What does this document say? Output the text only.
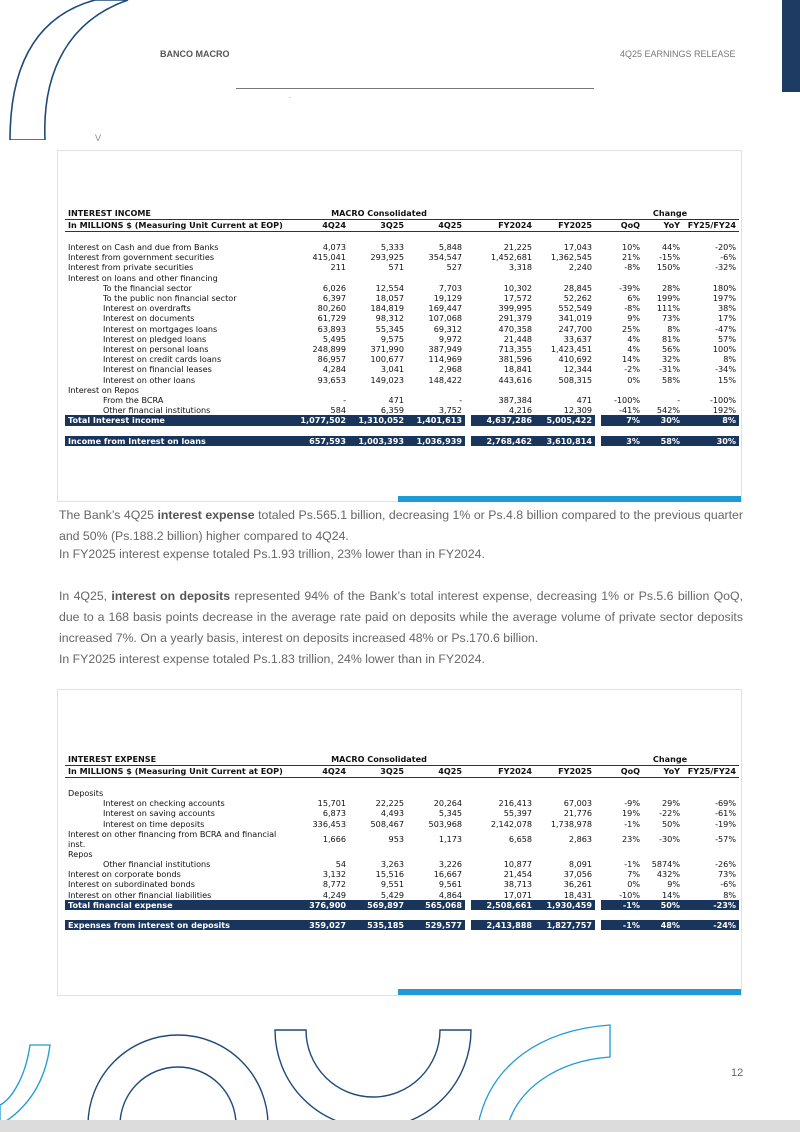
BANCO MACRO	4Q25 EARNINGS RELEASE
.
V
INTEREST INCOME	MACRO Consolidated							Change		
In MILLIONS $ (Measuring Unit Current at EOP)	4Q24	3Q25	4Q25		FY2024	FY2025		QoQ	YoY	FY25/FY24

Interest on Cash and due from Banks	4,073	5,333	5,848		21,225	17,043		10%	44%	-20%
Interest from government securities	415,041	293,925	354,547		1,452,681	1,362,545		21%	-15%	-6%
Interest from private securities	211	571	527		3,318	2,240		-8%	150%	-32%
Interest on loans and other financing										
To the financial sector	6,026	12,554	7,703		10,302	28,845		-39%	28%	180%
To the public non financial sector	6,397	18,057	19,129		17,572	52,262		6%	199%	197%
Interest on overdrafts	80,260	184,819	169,447		399,995	552,549		-8%	111%	38%
Interest on documents	61,729	98,312	107,068		291,379	341,019		9%	73%	17%
Interest on mortgages loans	63,893	55,345	69,312		470,358	247,700		25%	8%	-47%
Interest on pledged loans	5,495	9,575	9,972		21,448	33,637		4%	81%	57%
Interest on personal loans	248,899	371,990	387,949		713,355	1,423,451		4%	56%	100%
Interest on credit cards loans	86,957	100,677	114,969		381,596	410,692		14%	32%	8%
Interest on financial leases	4,284	3,041	2,968		18,841	12,344		-2%	-31%	-34%
Interest on other loans	93,653	149,023	148,422		443,616	508,315		0%	58%	15%
Interest on Repos										
From the BCRA	-	471	-		387,384	471		-100%	-	-100%
Other financial institutions	584	6,359	3,752		4,216	12,309		-41%	542%	192%
Total Interest income	1,077,502	1,310,052	1,401,613		4,637,286	5,005,422		7%	30%	8%

Income from Interest on loans	657,593	1,003,393	1,036,939		2,768,462	3,610,814		3%	58%	30%
The Bank’s 4Q25 interest expense totaled Ps.565.1 billion, decreasing 1% or Ps.4.8 billion compared to the previous quarter and 50% (Ps.188.2 billion) higher compared to 4Q24.
In FY2025 interest expense totaled Ps.1.93 trillion, 23% lower than in FY2024.
In 4Q25, interest on deposits represented 94% of the Bank’s total interest expense, decreasing 1% or Ps.5.6 billion QoQ, due to a 168 basis points decrease in the average rate paid on deposits while the average volume of private sector deposits increased 7%. On a yearly basis, interest on deposits increased 48% or Ps.170.6 billion.
In FY2025 interest expense totaled Ps.1.83 trillion, 24% lower than in FY2024.
INTEREST EXPENSE	MACRO Consolidated							Change		
In MILLIONS $ (Measuring Unit Current at EOP)	4Q24	3Q25	4Q25		FY2024	FY2025		QoQ	YoY	FY25/FY24

Deposits										
Interest on checking accounts	15,701	22,225	20,264		216,413	67,003		-9%	29%	-69%
Interest on saving accounts	6,873	4,493	5,345		55,397	21,776		19%	-22%	-61%
Interest on time deposits	336,453	508,467	503,968		2,142,078	1,738,978		-1%	50%	-19%
Interest on other financing from BCRA and financial inst.	1,666	953	1,173		6,658	2,863		23%	-30%	-57%
Repos										
Other financial institutions	54	3,263	3,226		10,877	8,091		-1%	5874%	-26%
Interest on corporate bonds	3,132	15,516	16,667		21,454	37,056		7%	432%	73%
Interest on subordinated bonds	8,772	9,551	9,561		38,713	36,261		0%	9%	-6%
Interest on other financial liabilities	4,249	5,429	4,864		17,071	18,431		-10%	14%	8%
Total financial expense	376,900	569,897	565,068		2,508,661	1,930,459		-1%	50%	-23%

Expenses from interest on deposits	359,027	535,185	529,577		2,413,888	1,827,757		-1%	48%	-24%
12
